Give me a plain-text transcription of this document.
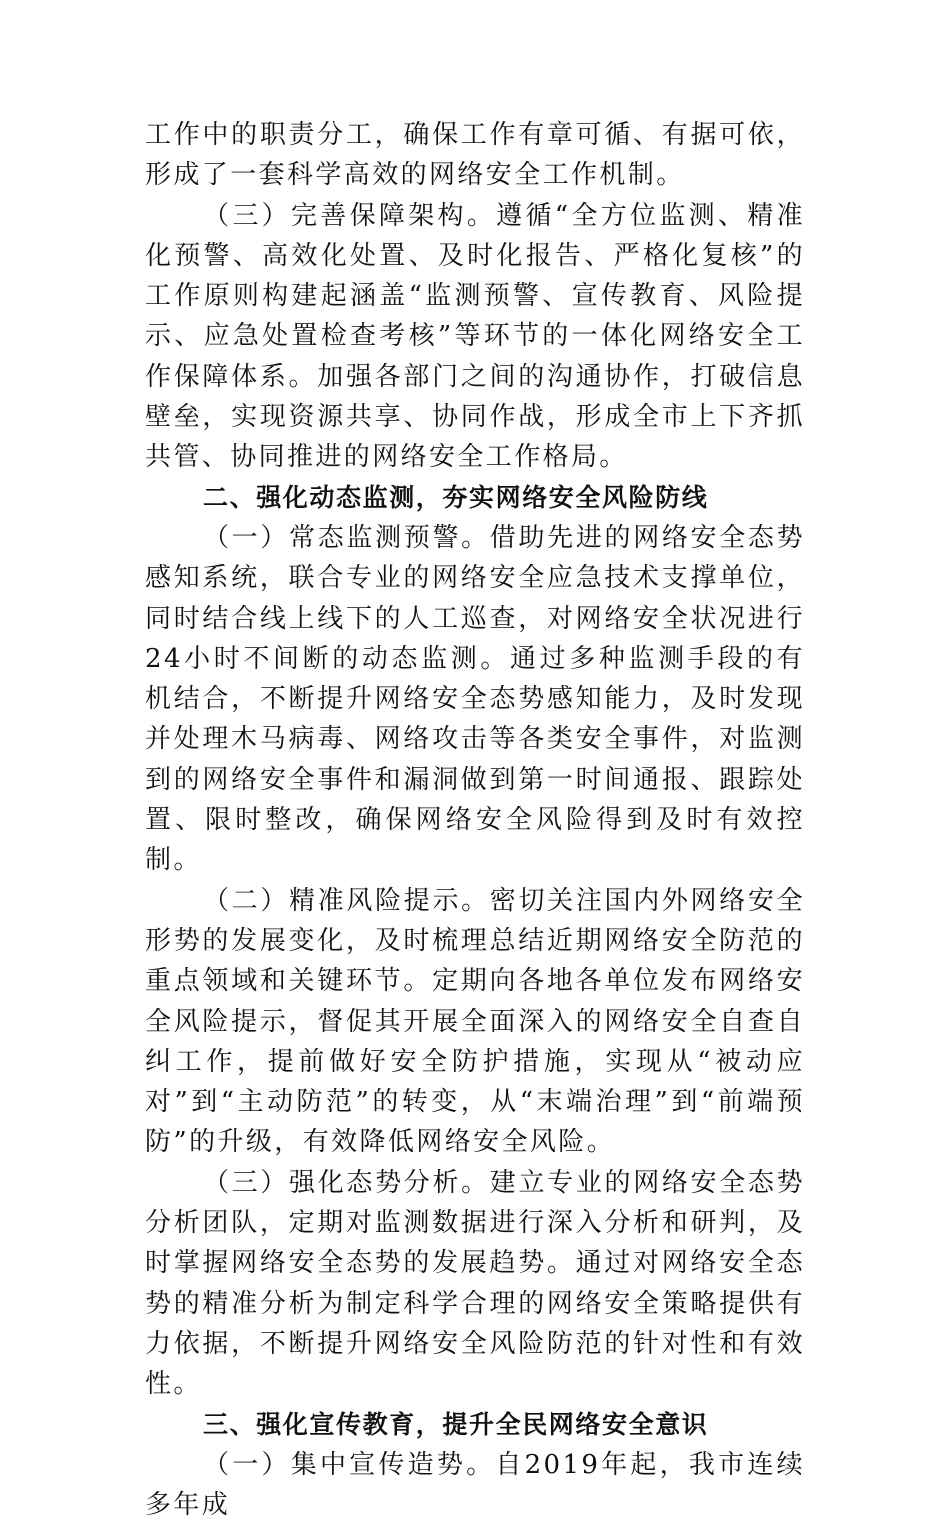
工作中的职责分工，确保工作有章可循、有据可依，形成了一套科学高效的网络安全工作机制。

（三）完善保障架构。遵循“全方位监测、精准化预警、高效化处置、及时化报告、严格化复核”的工作原则构建起涵盖“监测预警、宣传教育、风险提示、应急处置检查考核”等环节的一体化网络安全工作保障体系。加强各部门之间的沟通协作，打破信息壁垒，实现资源共享、协同作战，形成全市上下齐抓共管、协同推进的网络安全工作格局。

二、强化动态监测，夯实网络安全风险防线

（一）常态监测预警。借助先进的网络安全态势感知系统，联合专业的网络安全应急技术支撑单位，同时结合线上线下的人工巡查，对网络安全状况进行24小时不间断的动态监测。通过多种监测手段的有机结合，不断提升网络安全态势感知能力，及时发现并处理木马病毒、网络攻击等各类安全事件，对监测到的网络安全事件和漏洞做到第一时间通报、跟踪处置、限时整改，确保网络安全风险得到及时有效控制。

（二）精准风险提示。密切关注国内外网络安全形势的发展变化，及时梳理总结近期网络安全防范的重点领域和关键环节。定期向各地各单位发布网络安全风险提示，督促其开展全面深入的网络安全自查自纠工作，提前做好安全防护措施，实现从“被动应对”到“主动防范”的转变，从“末端治理”到“前端预防”的升级，有效降低网络安全风险。

（三）强化态势分析。建立专业的网络安全态势分析团队，定期对监测数据进行深入分析和研判，及时掌握网络安全态势的发展趋势。通过对网络安全态势的精准分析为制定科学合理的网络安全策略提供有力依据，不断提升网络安全风险防范的针对性和有效性。

三、强化宣传教育，提升全民网络安全意识

（一）集中宣传造势。自2019年起，我市连续多年成
